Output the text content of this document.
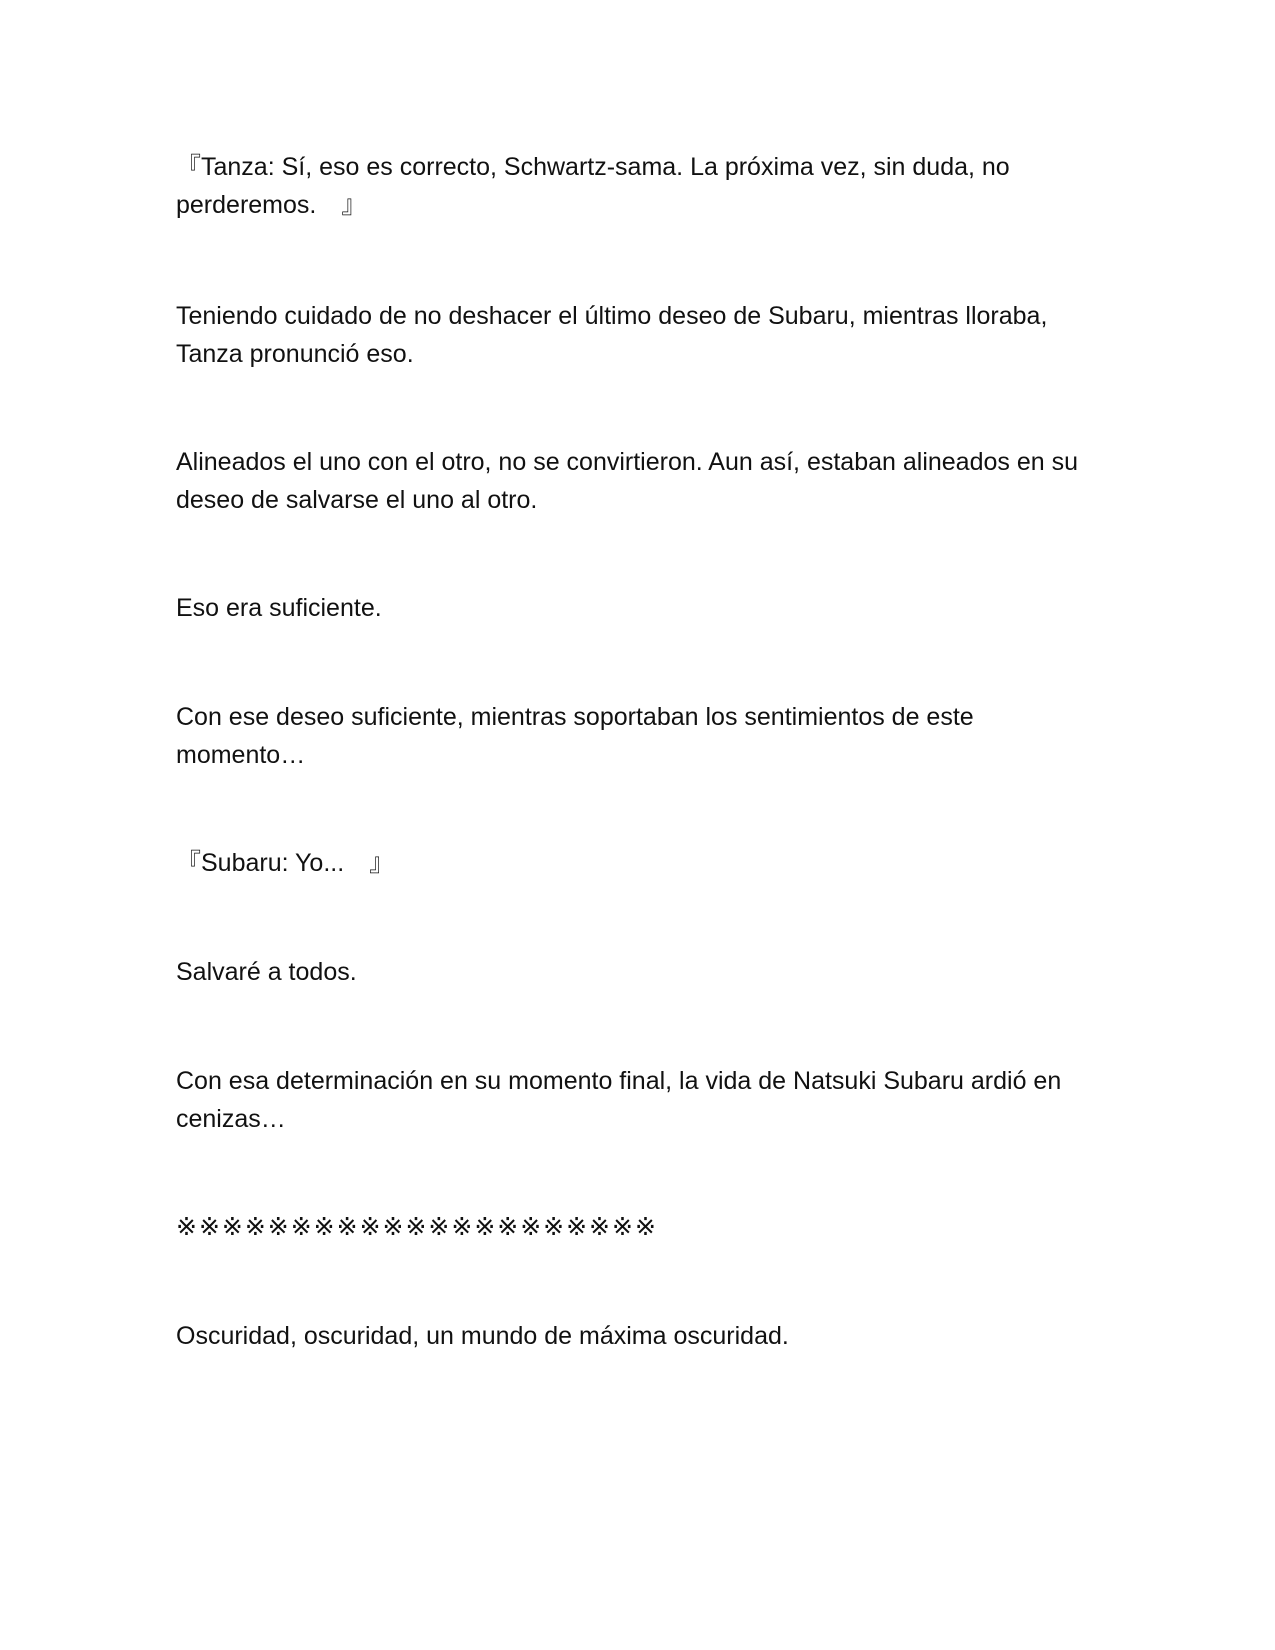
『Tanza: Sí, eso es correcto, Schwartz-sama. La próxima vez, sin duda, no perderemos.　』

Teniendo cuidado de no deshacer el último deseo de Subaru, mientras lloraba, Tanza pronunció eso.

Alineados el uno con el otro, no se convirtieron. Aun así, estaban alineados en su deseo de salvarse el uno al otro.

Eso era suficiente.

Con ese deseo suficiente, mientras soportaban los sentimientos de este momento…

『Subaru: Yo...　』

Salvaré a todos.

Con esa determinación en su momento final, la vida de Natsuki Subaru ardió en cenizas…

※※※※※※※※※※※※※※※※※※※※※

Oscuridad, oscuridad, un mundo de máxima oscuridad.
